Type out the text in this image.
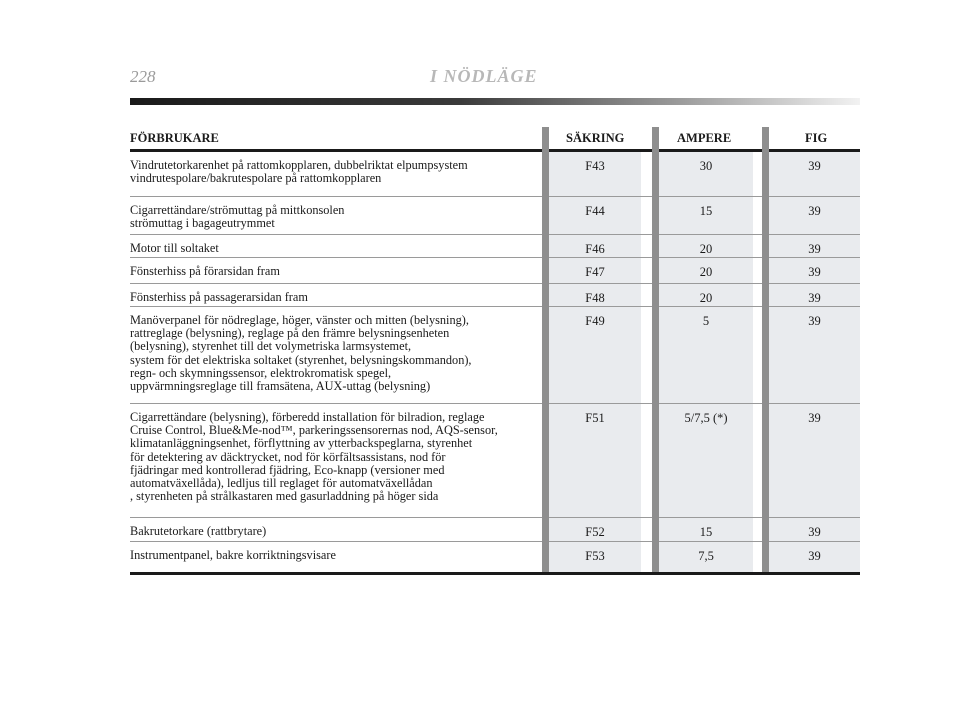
228	I NÖDLÄGE
FÖRBRUKARE	SÄKRING	AMPERE	FIG
Vindrutetorkarenhet på rattomkopplaren, dubbelriktat elpumpsystem
vindrutespolare/bakrutespolare på rattomkopplaren
F43	30	39
Cigarrettändare/strömuttag på mittkonsolen
strömuttag i bagageutrymmet
F44	15	39
Motor till soltaket	F46	20	39
Fönsterhiss på förarsidan fram	F47	20	39
Fönsterhiss på passagerarsidan fram	F48	20	39
Manöverpanel för nödreglage, höger, vänster och mitten (belysning),
rattreglage (belysning), reglage på den främre belysningsenheten
(belysning), styrenhet till det volymetriska larmsystemet,
system för det elektriska soltaket (styrenhet, belysningskommandon),
regn- och skymningssensor, elektrokromatisk spegel,
uppvärmningsreglage till framsätena, AUX-uttag (belysning)
F49	5	39
Cigarrettändare (belysning), förberedd installation för bilradion, reglage
Cruise Control, Blue&Me-nod™, parkeringssensorernas nod, AQS-sensor,
klimatanläggningsenhet, förflyttning av ytterbackspeglarna, styrenhet
för detektering av däcktrycket, nod för körfältsassistans, nod för
fjädringar med kontrollerad fjädring, Eco-knapp (versioner med
automatväxellåda), ledljus till reglaget för automatväxellådan
, styrenheten på strålkastaren med gasurladdning på höger sida
F51	5/7,5 (*)	39
Bakrutetorkare (rattbrytare)	F52	15	39
Instrumentpanel, bakre korriktningsvisare	F53	7,5	39
